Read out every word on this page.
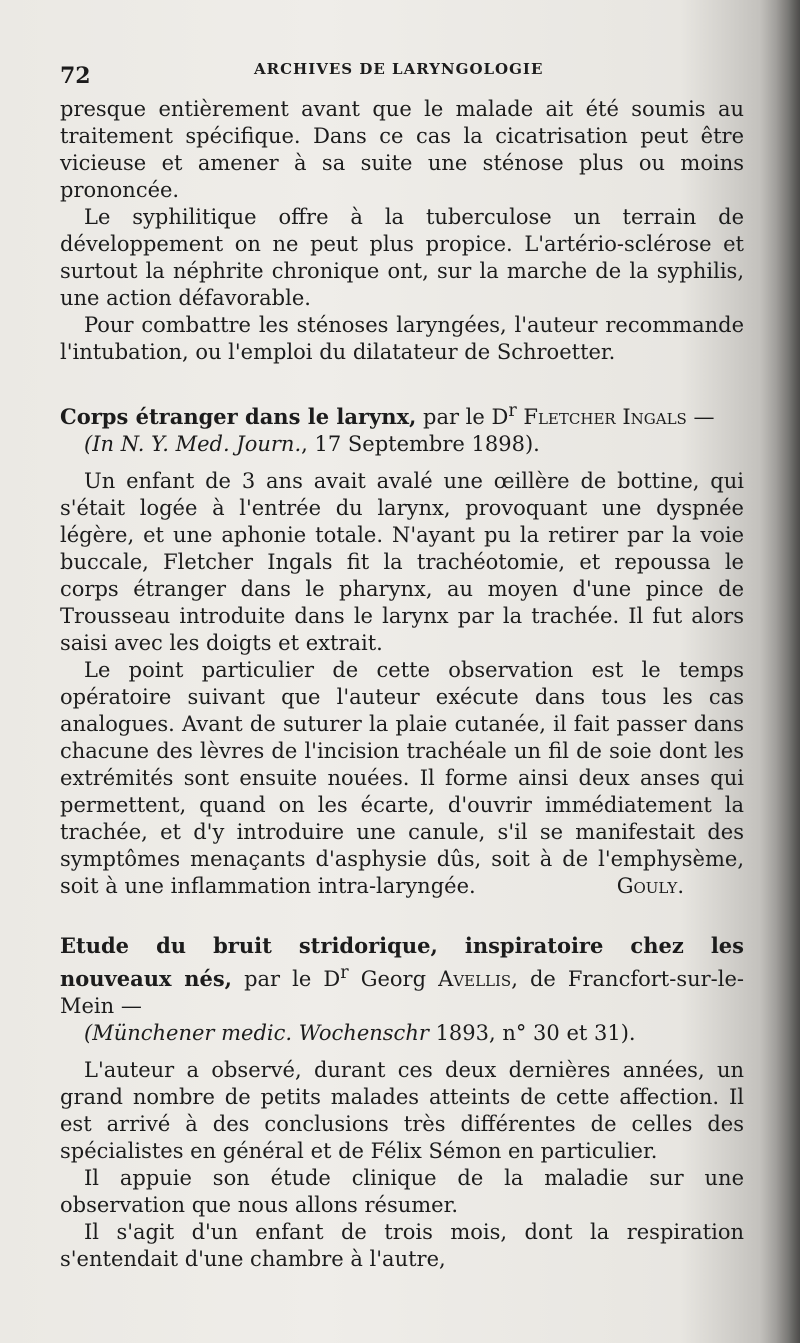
72	ARCHIVES DE LARYNGOLOGIE

presque entièrement avant que le malade ait été soumis au traitement spécifique. Dans ce cas la cicatrisation peut être vicieuse et amener à sa suite une sténose plus ou moins prononcée.

Le syphilitique offre à la tuberculose un terrain de développement on ne peut plus propice. L'artério-sclérose et surtout la néphrite chronique ont, sur la marche de la syphilis, une action défavorable.

Pour combattre les sténoses laryngées, l'auteur recommande l'intubation, ou l'emploi du dilatateur de Schroetter.

Corps étranger dans le larynx, par le $D^r$ Fletcher Ingals —

(In N. Y. Med. Journ., 17 Septembre 1898).

Un enfant de 3 ans avait avalé une œillère de bottine, qui s'était logée à l'entrée du larynx, provoquant une dyspnée légère, et une aphonie totale. N'ayant pu la retirer par la voie buccale, Fletcher Ingals fit la trachéotomie, et repoussa le corps étranger dans le pharynx, au moyen d'une pince de Trousseau introduite dans le larynx par la trachée. Il fut alors saisi avec les doigts et extrait.

Le point particulier de cette observation est le temps opératoire suivant que l'auteur exécute dans tous les cas analogues. Avant de suturer la plaie cutanée, il fait passer dans chacune des lèvres de l'incision trachéale un fil de soie dont les extrémités sont ensuite nouées. Il forme ainsi deux anses qui permettent, quand on les écarte, d'ouvrir immédiatement la trachée, et d'y introduire une canule, s'il se manifestait des symptômes menaçants d'asphysie dûs, soit à de l'emphysème, soit à une inflammation intra-laryngée.	Gouly.

Etude du bruit stridorique, inspiratoire chez les nouveaux nés, par le $D^r$ Georg Avellis, de Francfort-sur-le-Mein —

(Münchener medic. Wochenschr 1893, n° 30 et 31).

L'auteur a observé, durant ces deux dernières années, un grand nombre de petits malades atteints de cette affection. Il est arrivé à des conclusions très différentes de celles des spécialistes en général et de Félix Sémon en particulier.

Il appuie son étude clinique de la maladie sur une observation que nous allons résumer.

Il s'agit d'un enfant de trois mois, dont la respiration s'entendait d'une chambre à l'autre,
